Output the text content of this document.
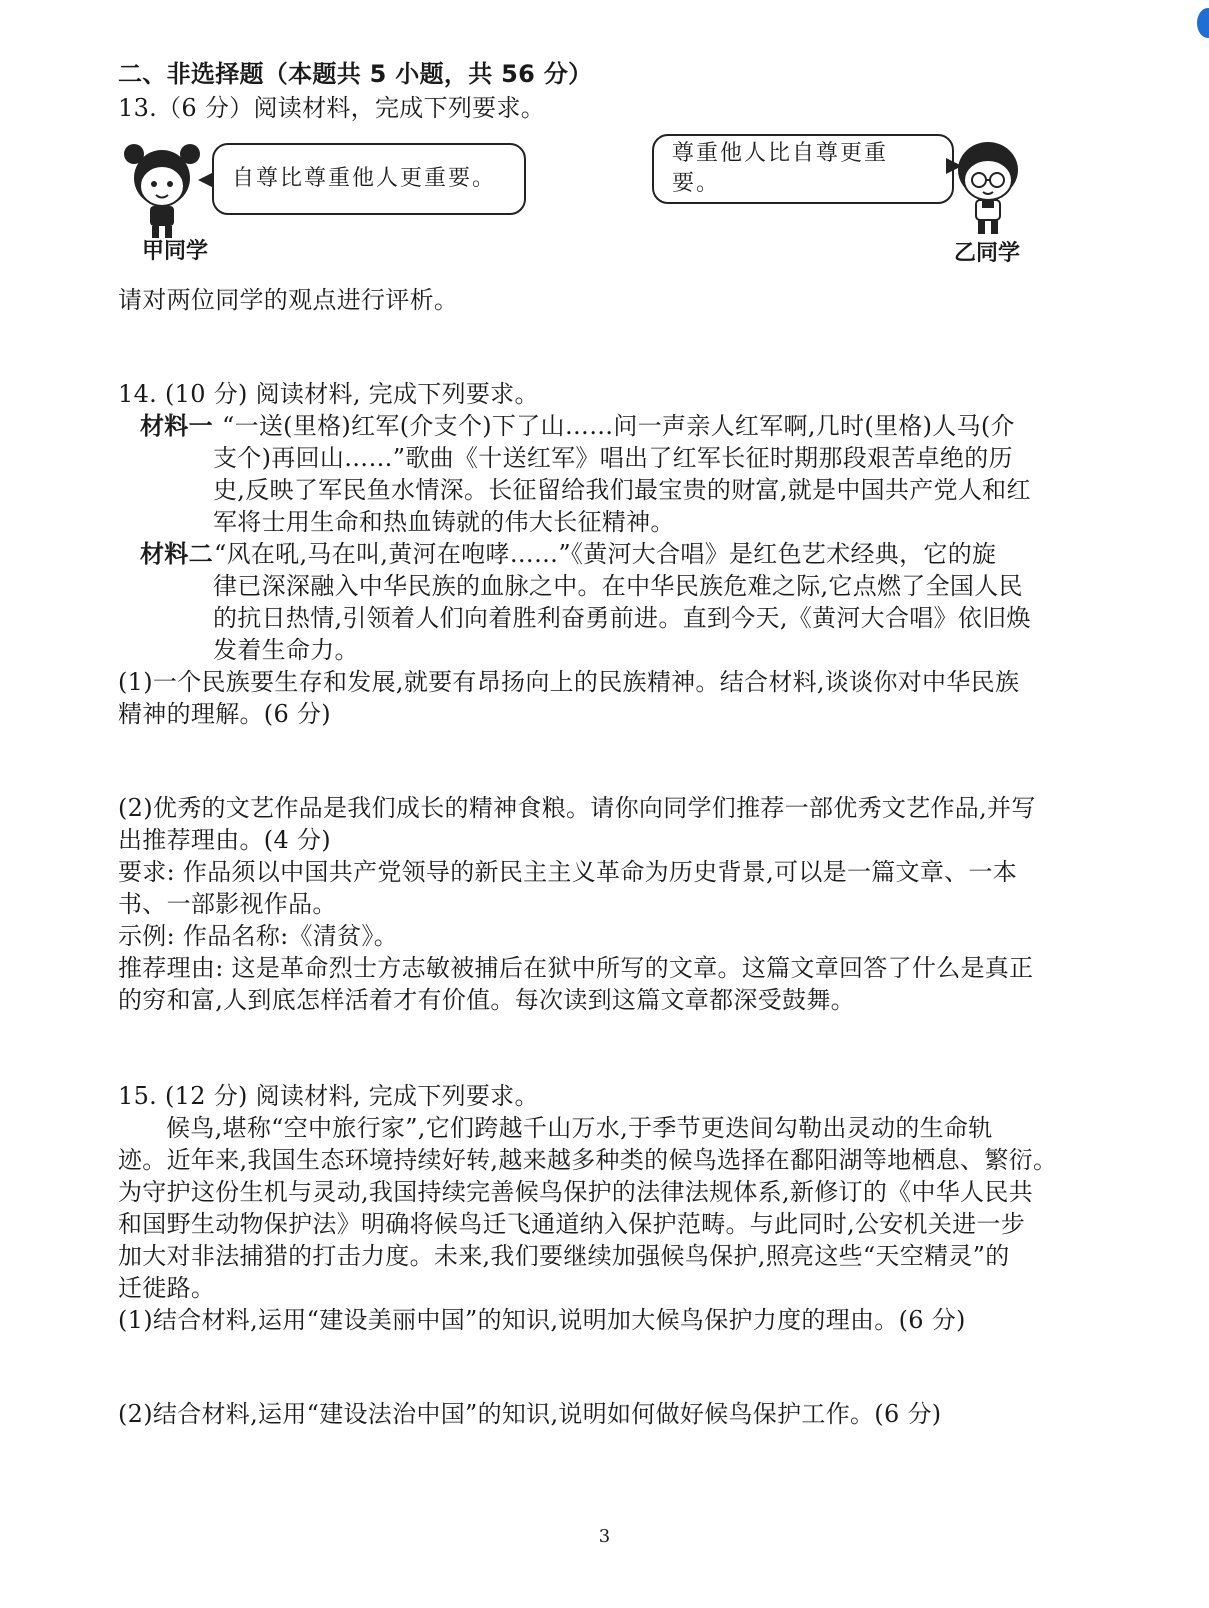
二、非选择题（本题共 5 小题，共 56 分）
13.（6 分）阅读材料，完成下列要求。
自尊比尊重他人更重要。
甲同学
尊重他人比自尊更重要。
乙同学
请对两位同学的观点进行评析。
14. (10 分) 阅读材料, 完成下列要求。
材料一 “一送(里格)红军(介支个)下了山……问一声亲人红军啊,几时(里格)人马(介
支个)再回山……”歌曲《十送红军》唱出了红军长征时期那段艰苦卓绝的历
史,反映了军民鱼水情深。长征留给我们最宝贵的财富,就是中国共产党人和红
军将士用生命和热血铸就的伟大长征精神。
材料二 “风在吼,马在叫,黄河在咆哮……”《黄河大合唱》是红色艺术经典，它的旋
律已深深融入中华民族的血脉之中。在中华民族危难之际,它点燃了全国人民
的抗日热情,引领着人们向着胜利奋勇前进。直到今天,《黄河大合唱》依旧焕
发着生命力。
(1)一个民族要生存和发展,就要有昂扬向上的民族精神。结合材料,谈谈你对中华民族
精神的理解。(6 分)
(2)优秀的文艺作品是我们成长的精神食粮。请你向同学们推荐一部优秀文艺作品,并写
出推荐理由。(4 分)
要求: 作品须以中国共产党领导的新民主主义革命为历史背景,可以是一篇文章、一本
书、一部影视作品。
示例: 作品名称:《清贫》。
推荐理由: 这是革命烈士方志敏被捕后在狱中所写的文章。这篇文章回答了什么是真正
的穷和富,人到底怎样活着才有价值。每次读到这篇文章都深受鼓舞。
15. (12 分) 阅读材料, 完成下列要求。
候鸟,堪称“空中旅行家”,它们跨越千山万水,于季节更迭间勾勒出灵动的生命轨
迹。近年来,我国生态环境持续好转,越来越多种类的候鸟选择在鄱阳湖等地栖息、繁衍。
为守护这份生机与灵动,我国持续完善候鸟保护的法律法规体系,新修订的《中华人民共
和国野生动物保护法》明确将候鸟迁飞通道纳入保护范畴。与此同时,公安机关进一步
加大对非法捕猎的打击力度。未来,我们要继续加强候鸟保护,照亮这些“天空精灵”的
迁徙路。
(1)结合材料,运用“建设美丽中国”的知识,说明加大候鸟保护力度的理由。(6 分)
(2)结合材料,运用“建设法治中国”的知识,说明如何做好候鸟保护工作。(6 分)
3
